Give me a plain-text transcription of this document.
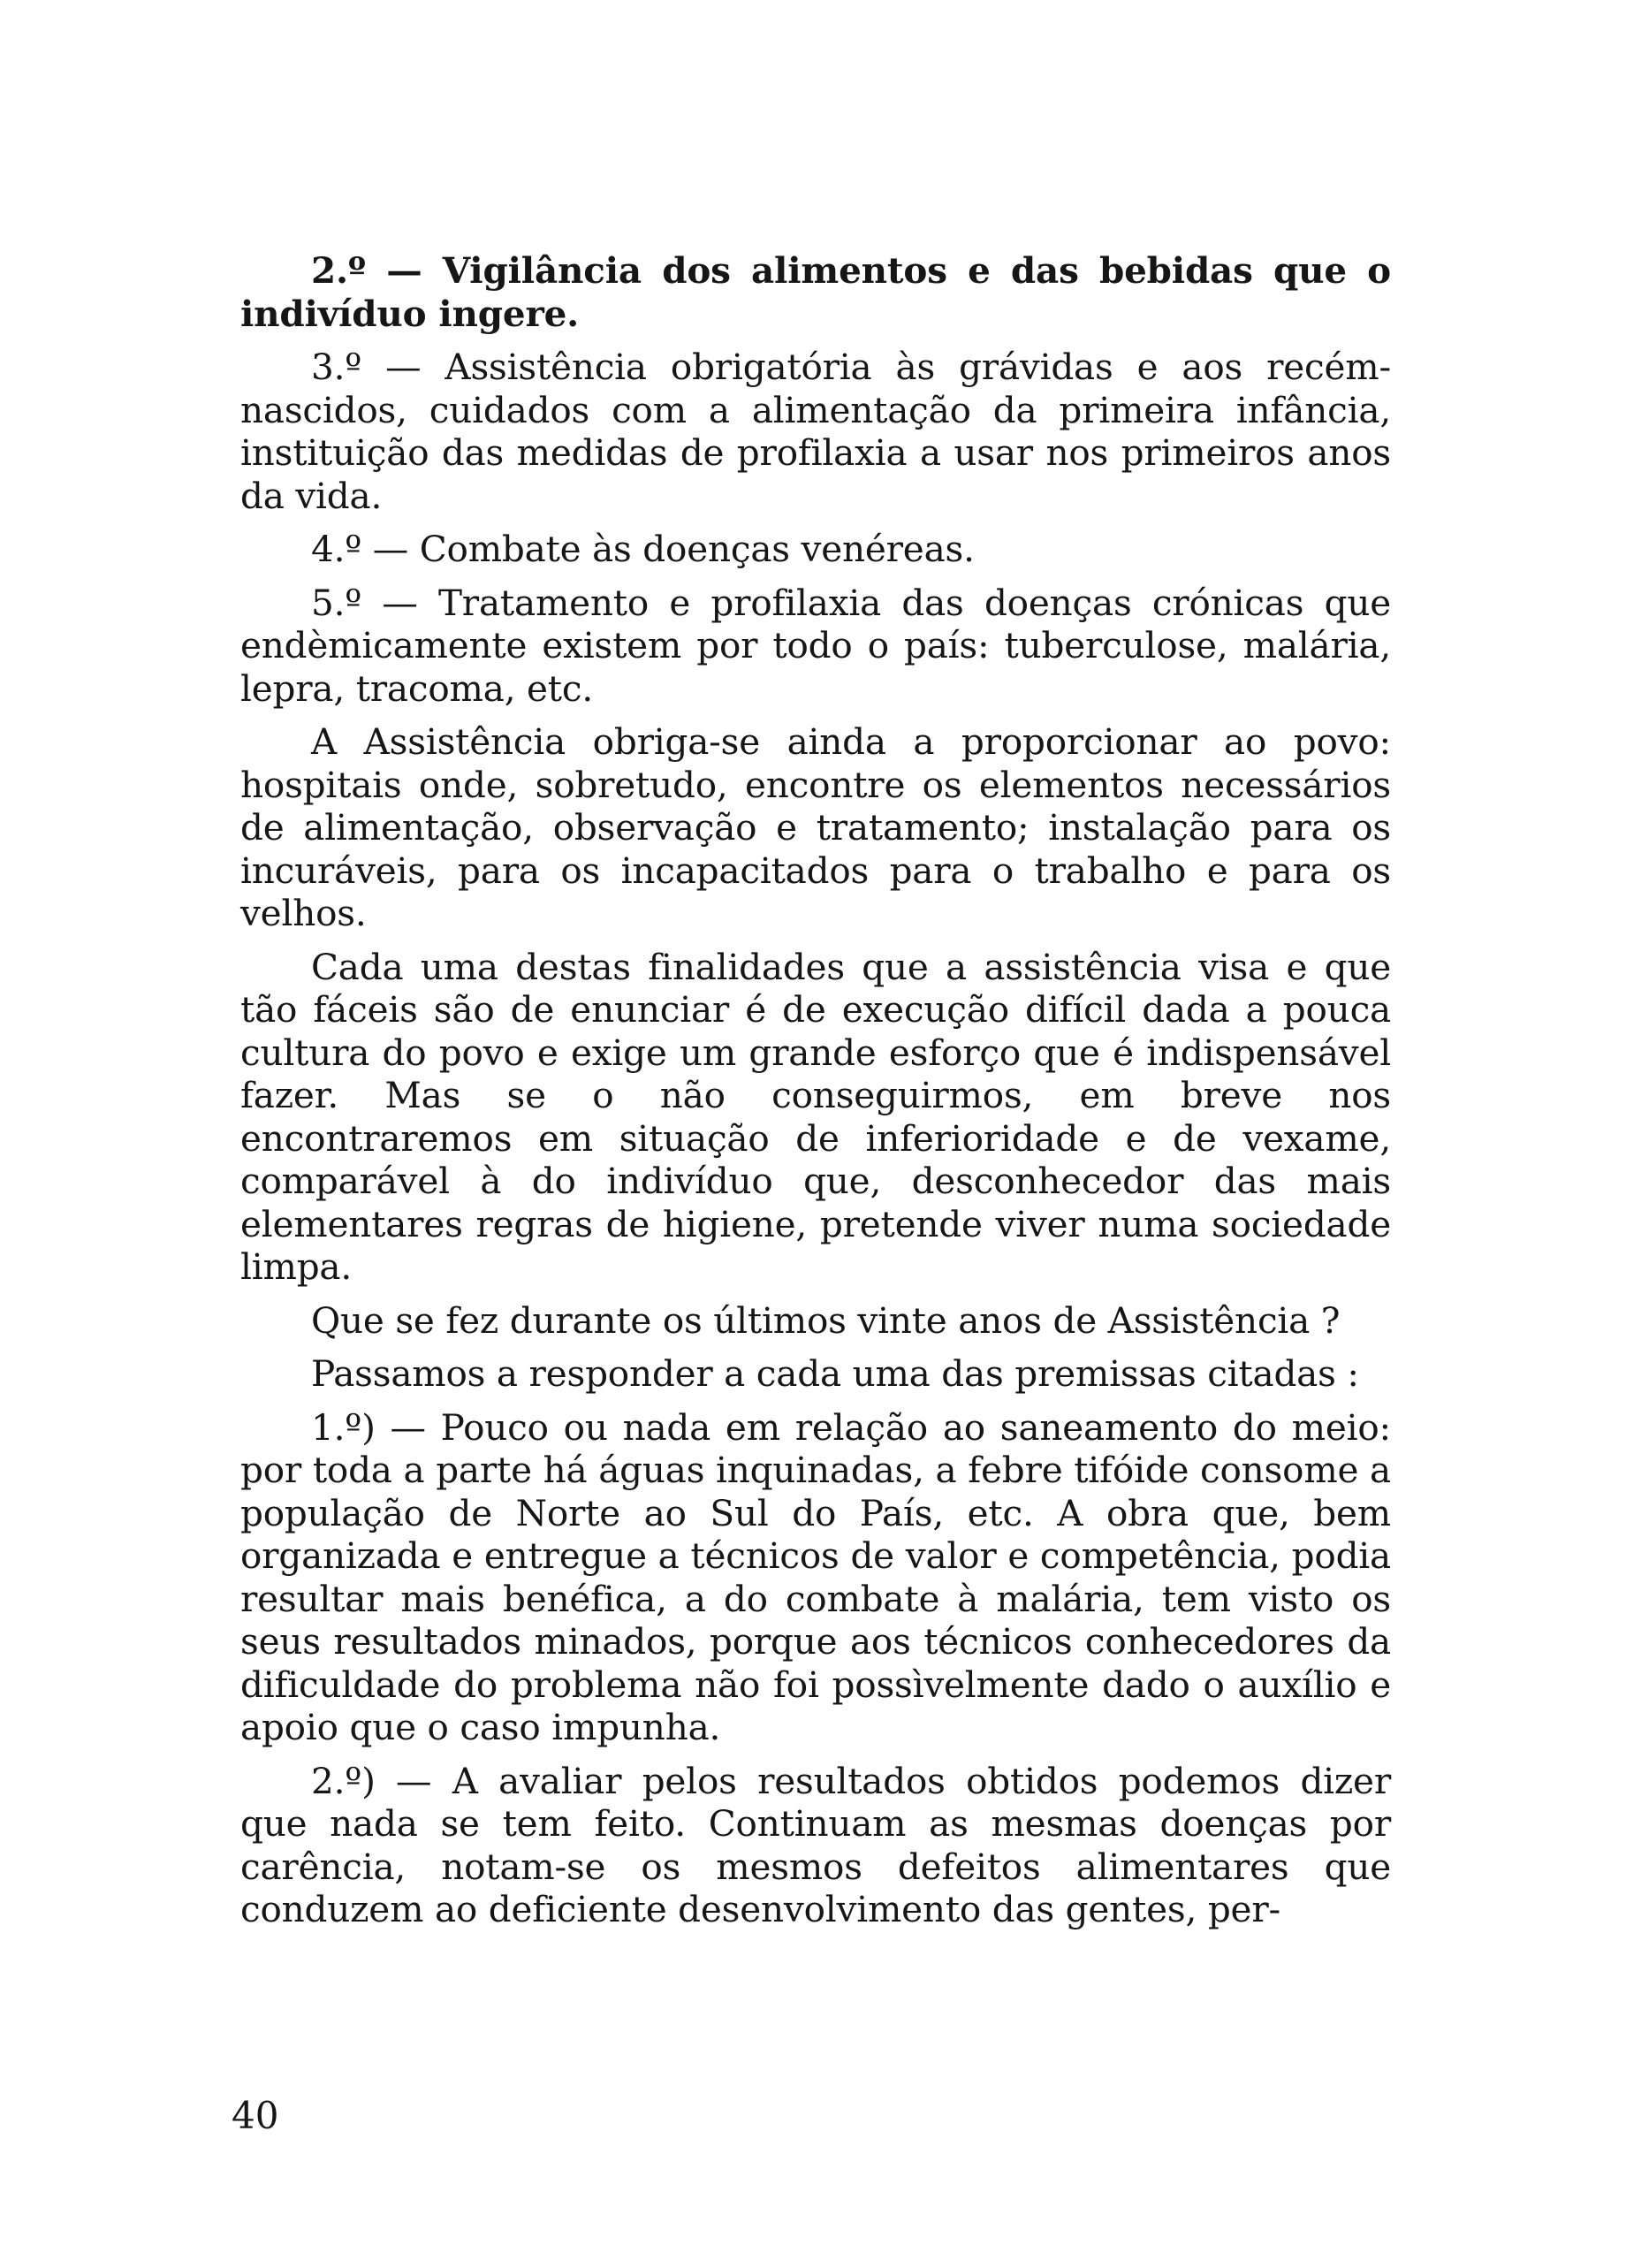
2.º — Vigilância dos alimentos e das bebidas que o indivíduo ingere.

3.º — Assistência obrigatória às grávidas e aos recém-nascidos, cuidados com a alimentação da primeira infância, instituição das medidas de profilaxia a usar nos primeiros anos da vida.

4.º — Combate às doenças venéreas.

5.º — Tratamento e profilaxia das doenças crónicas que endèmicamente existem por todo o país: tuberculose, malária, lepra, tracoma, etc.

A Assistência obriga-se ainda a proporcionar ao povo: hospitais onde, sobretudo, encontre os elementos necessários de alimentação, observação e tratamento; instalação para os incuráveis, para os incapacitados para o trabalho e para os velhos.

Cada uma destas finalidades que a assistência visa e que tão fáceis são de enunciar é de execução difícil dada a pouca cultura do povo e exige um grande esforço que é indispensável fazer. Mas se o não conseguirmos, em breve nos encontraremos em situação de inferioridade e de vexame, comparável à do indivíduo que, desconhecedor das mais elementares regras de higiene, pretende viver numa sociedade limpa.

Que se fez durante os últimos vinte anos de Assistência ?

Passamos a responder a cada uma das premissas citadas :

1.º) — Pouco ou nada em relação ao saneamento do meio: por toda a parte há águas inquinadas, a febre tifóide consome a população de Norte ao Sul do País, etc. A obra que, bem organizada e entregue a técnicos de valor e competência, podia resultar mais benéfica, a do combate à malária, tem visto os seus resultados minados, porque aos técnicos conhecedores da dificuldade do problema não foi possìvelmente dado o auxílio e apoio que o caso impunha.

2.º) — A avaliar pelos resultados obtidos podemos dizer que nada se tem feito. Continuam as mesmas doenças por carência, notam-se os mesmos defeitos alimentares que conduzem ao deficiente desenvolvimento das gentes, per-

40
